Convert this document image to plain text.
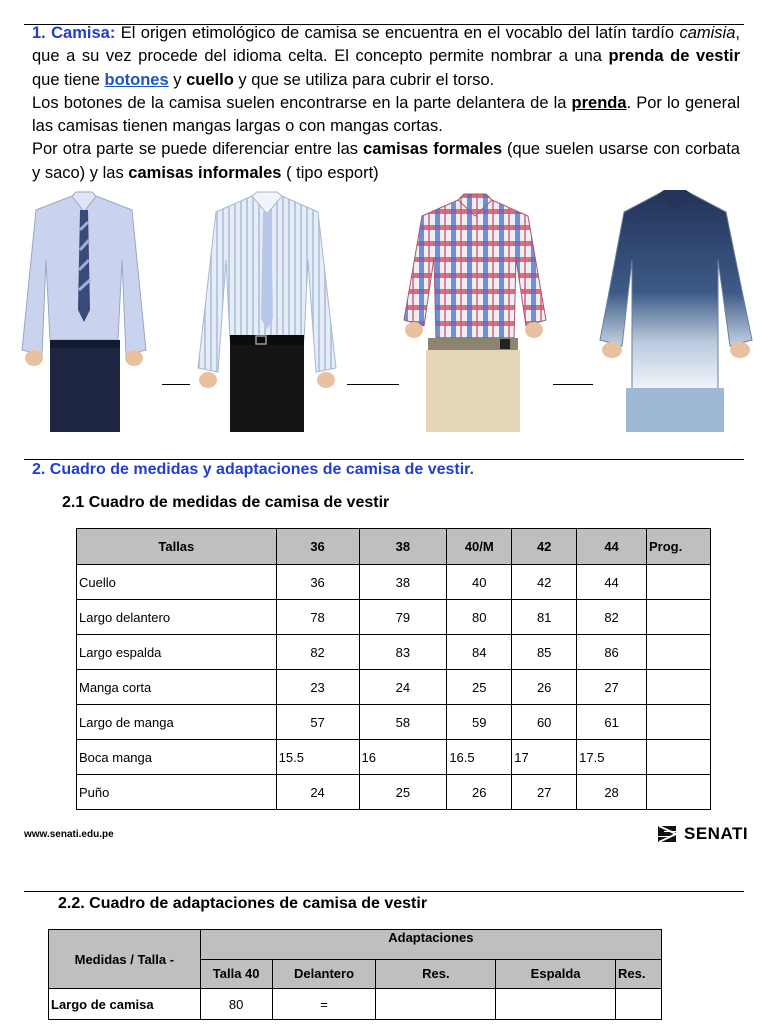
1. Camisa: El origen etimológico de camisa se encuentra en el vocablo del latín tardío camisia, que a su vez procede del idioma celta. El concepto permite nombrar a una prenda de vestir que tiene botones y cuello y que se utiliza para cubrir el torso.

Los botones de la camisa suelen encontrarse en la parte delantera de la prenda. Por lo general las camisas tienen mangas largas o con mangas cortas.

Por otra parte se puede diferenciar entre las camisas formales (que suelen usarse con corbata y saco) y las camisas informales ( tipo esport)

2. Cuadro de medidas y adaptaciones de camisa de vestir.
2.1 Cuadro de medidas de camisa de vestir
Tallas	36	38	40/M	42	44	Prog.
Cuello	36	38	40	42	44	
Largo delantero	78	79	80	81	82	
Largo espalda	82	83	84	85	86	
Manga corta	23	24	25	26	27	
Largo de manga	57	58	59	60	61	
Boca manga	15.5	16	16.5	17	17.5	
Puño	24	25	26	27	28	
www.senati.edu.pe	SENATI
2.2. Cuadro de adaptaciones de camisa de vestir
Medidas / Talla -	Adaptaciones				
	Talla 40	Delantero	Res.	Espalda	Res.
Largo de camisa	80	=			
